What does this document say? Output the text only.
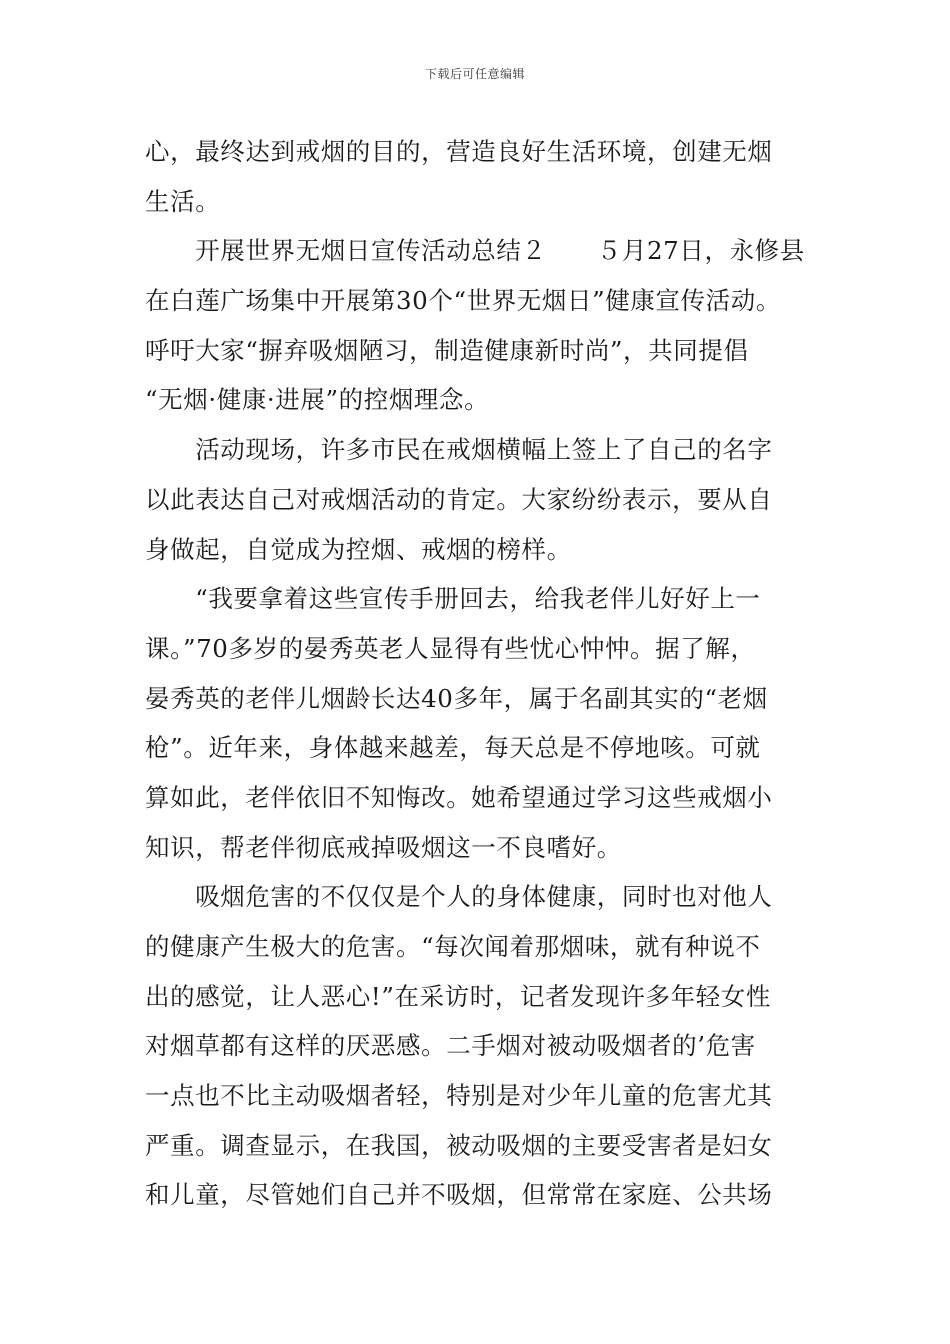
下载后可任意编辑
心，最终达到戒烟的目的，营造良好生活环境，创建无烟
生活。
　　开展世界无烟日宣传活动总结２　　５月27日，永修县
在白莲广场集中开展第30个“世界无烟日”健康宣传活动。
呼吁大家“摒弃吸烟陋习，制造健康新时尚”，共同提倡
“无烟·健康·进展”的控烟理念。
　　活动现场，许多市民在戒烟横幅上签上了自己的名字
以此表达自己对戒烟活动的肯定。大家纷纷表示，要从自
身做起，自觉成为控烟、戒烟的榜样。
　　“我要拿着这些宣传手册回去，给我老伴儿好好上一
课。”70多岁的晏秀英老人显得有些忧心忡忡。据了解，
晏秀英的老伴儿烟龄长达40多年，属于名副其实的“老烟
枪”。近年来，身体越来越差，每天总是不停地咳。可就
算如此，老伴依旧不知悔改。她希望通过学习这些戒烟小
知识，帮老伴彻底戒掉吸烟这一不良嗜好。
　　吸烟危害的不仅仅是个人的身体健康，同时也对他人
的健康产生极大的危害。“每次闻着那烟味，就有种说不
出的感觉，让人恶心!”在采访时，记者发现许多年轻女性
对烟草都有这样的厌恶感。二手烟对被动吸烟者的’危害
一点也不比主动吸烟者轻，特别是对少年儿童的危害尤其
严重。调查显示，在我国，被动吸烟的主要受害者是妇女
和儿童，尽管她们自己并不吸烟，但常常在家庭、公共场
